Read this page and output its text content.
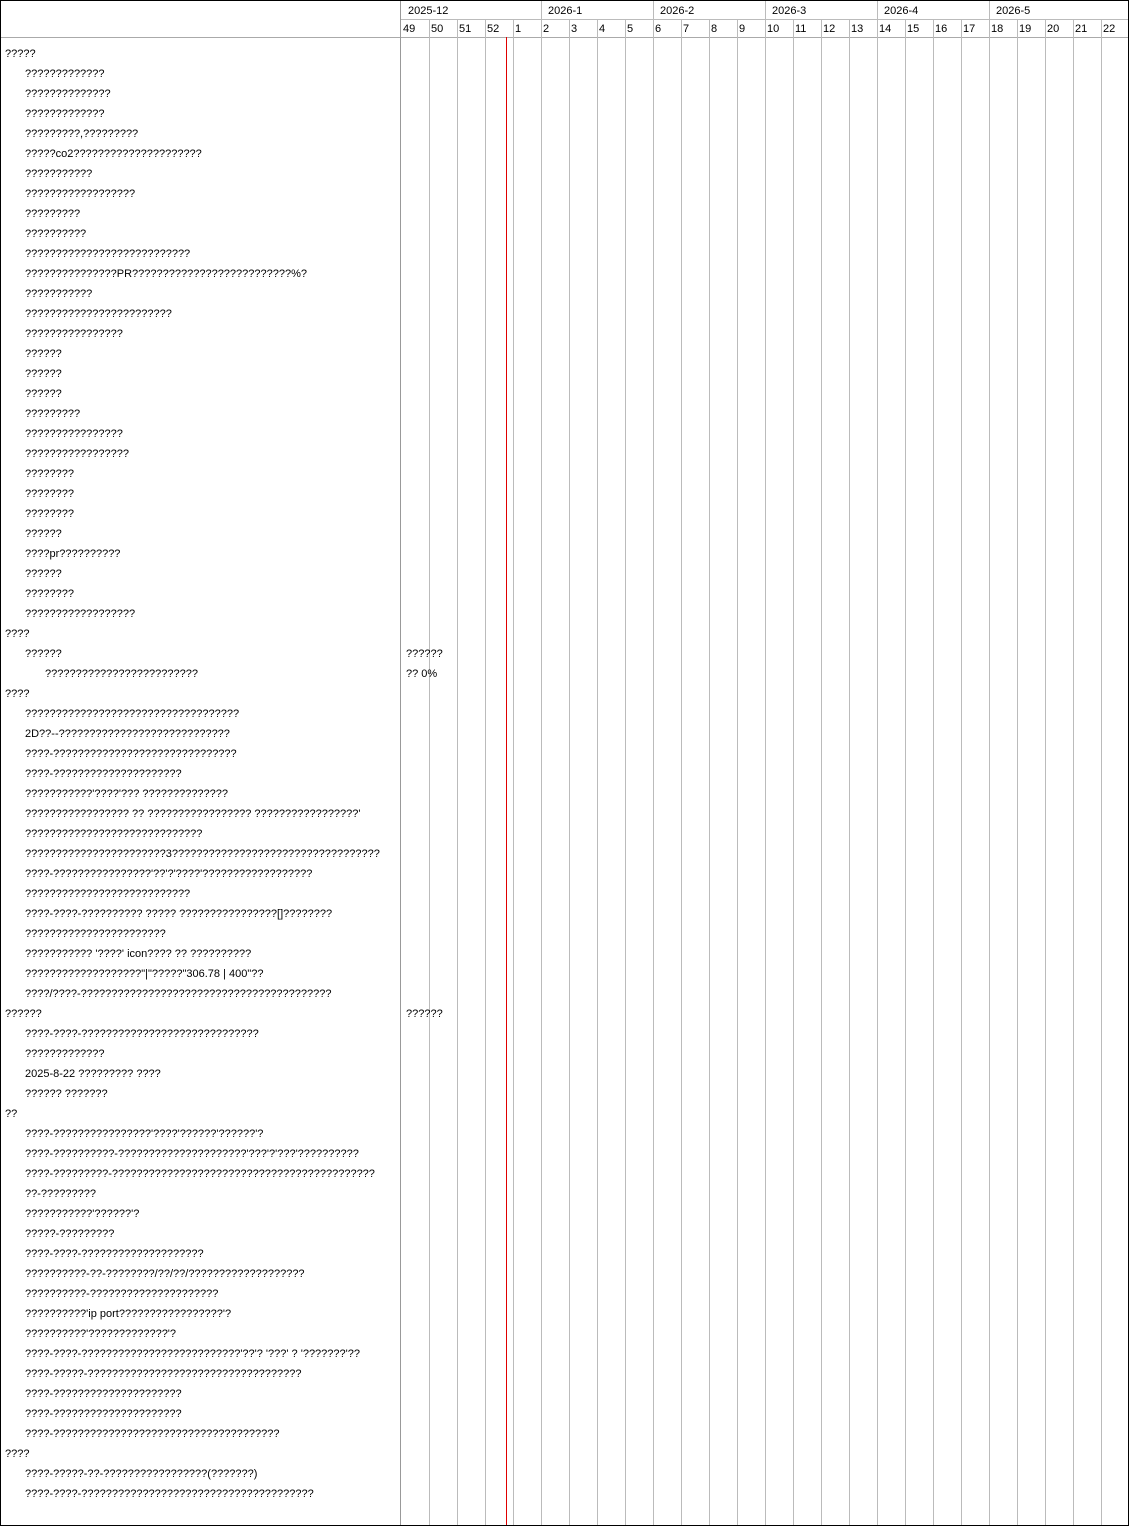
2025-12	2026-1	2026-2	2026-3	2026-4	2026-5
49 50 51 52 1 2 3 4 5 6 7 8 9 10 11 12 13 14 15 16 17 18 19 20 21 22
?????
?????????????
??????????????
?????????????
?????????,?????????
?????co2?????????????????????
???????????
??????????????????
?????????
??????????
???????????????????????????
???????????????PR??????????????????????????%?
???????????
????????????????????????
????????????????
??????
??????
??????
?????????
????????????????
?????????????????
????????
????????
????????
??????
????pr??????????
??????
????????
??????????????????
????
??????	??????
?????????????????????????	?? 0%
????
???????????????????????????????????
2D??--????????????????????????????
????-??????????????????????????????
????-?????????????????????
???????????'????'??? ??????????????
????????????????? ?? ????????????????? ?????????????????'
?????????????????????????????
???????????????????????3??????????????????????????????????
????-????????????????'??'?'????'??????????????????
???????????????????????????
????-????-?????????? ????? ????????????????[]????????
???????????????????????
??????????? '????' icon???? ?? ??????????
???????????????????"|"?????"306.78 | 400"??
????/????-?????????????????????????????????????????
??????	??????
????-????-?????????????????????????????
?????????????
2025-8-22 ????????? ????
?????? ???????
??
????-????????????????'????'??????'??????'?
????-??????????-?????????????????????'???'?'???'??????????
????-?????????-???????????????????????????????????????????
??-?????????
???????????'??????'?
?????-?????????
????-????-????????????????????
??????????-??-????????/??/??/???????????????????
??????????-?????????????????????
??????????'ip port?????????????????'?
??????????'?????????????'?
????-????-??????????????????????????'??'? '???' ? '???????'??
????-?????-???????????????????????????????????
????-?????????????????????
????-?????????????????????
????-?????????????????????????????????????
????
????-?????-??-?????????????????(???????)
????-????-??????????????????????????????????????
